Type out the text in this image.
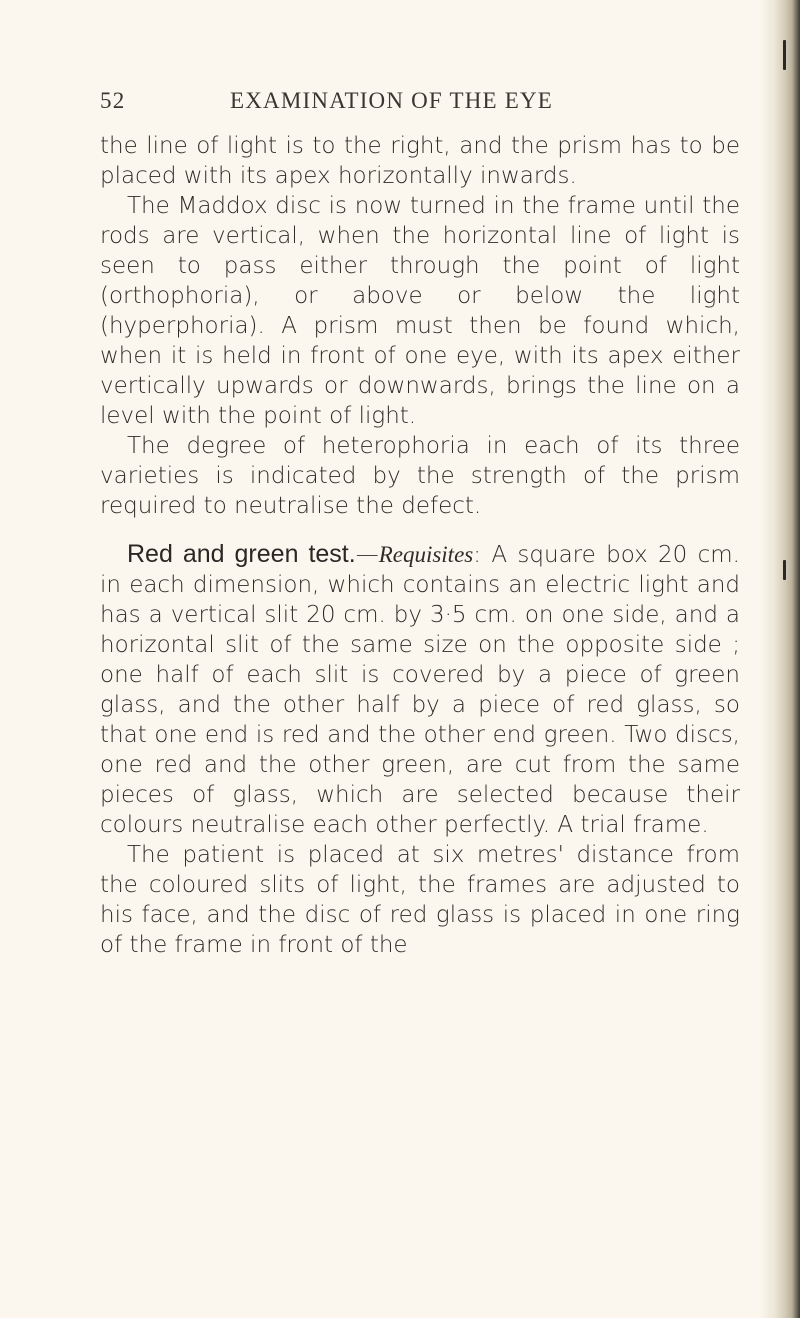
52	EXAMINATION OF THE EYE

the line of light is to the right, and the prism has to be placed with its apex horizontally inwards.

The Maddox disc is now turned in the frame until the rods are vertical, when the horizontal line of light is seen to pass either through the point of light (orthophoria), or above or below the light (hyperphoria). A prism must then be found which, when it is held in front of one eye, with its apex either vertically upwards or downwards, brings the line on a level with the point of light.

The degree of heterophoria in each of its three varieties is indicated by the strength of the prism required to neutralise the defect.

Red and green test.—Requisites: A square box 20 cm. in each dimension, which contains an electric light and has a vertical slit 20 cm. by 3·5 cm. on one side, and a horizontal slit of the same size on the opposite side ; one half of each slit is covered by a piece of green glass, and the other half by a piece of red glass, so that one end is red and the other end green. Two discs, one red and the other green, are cut from the same pieces of glass, which are selected because their colours neutralise each other perfectly. A trial frame.

The patient is placed at six metres' distance from the coloured slits of light, the frames are adjusted to his face, and the disc of red glass is placed in one ring of the frame in front of the
